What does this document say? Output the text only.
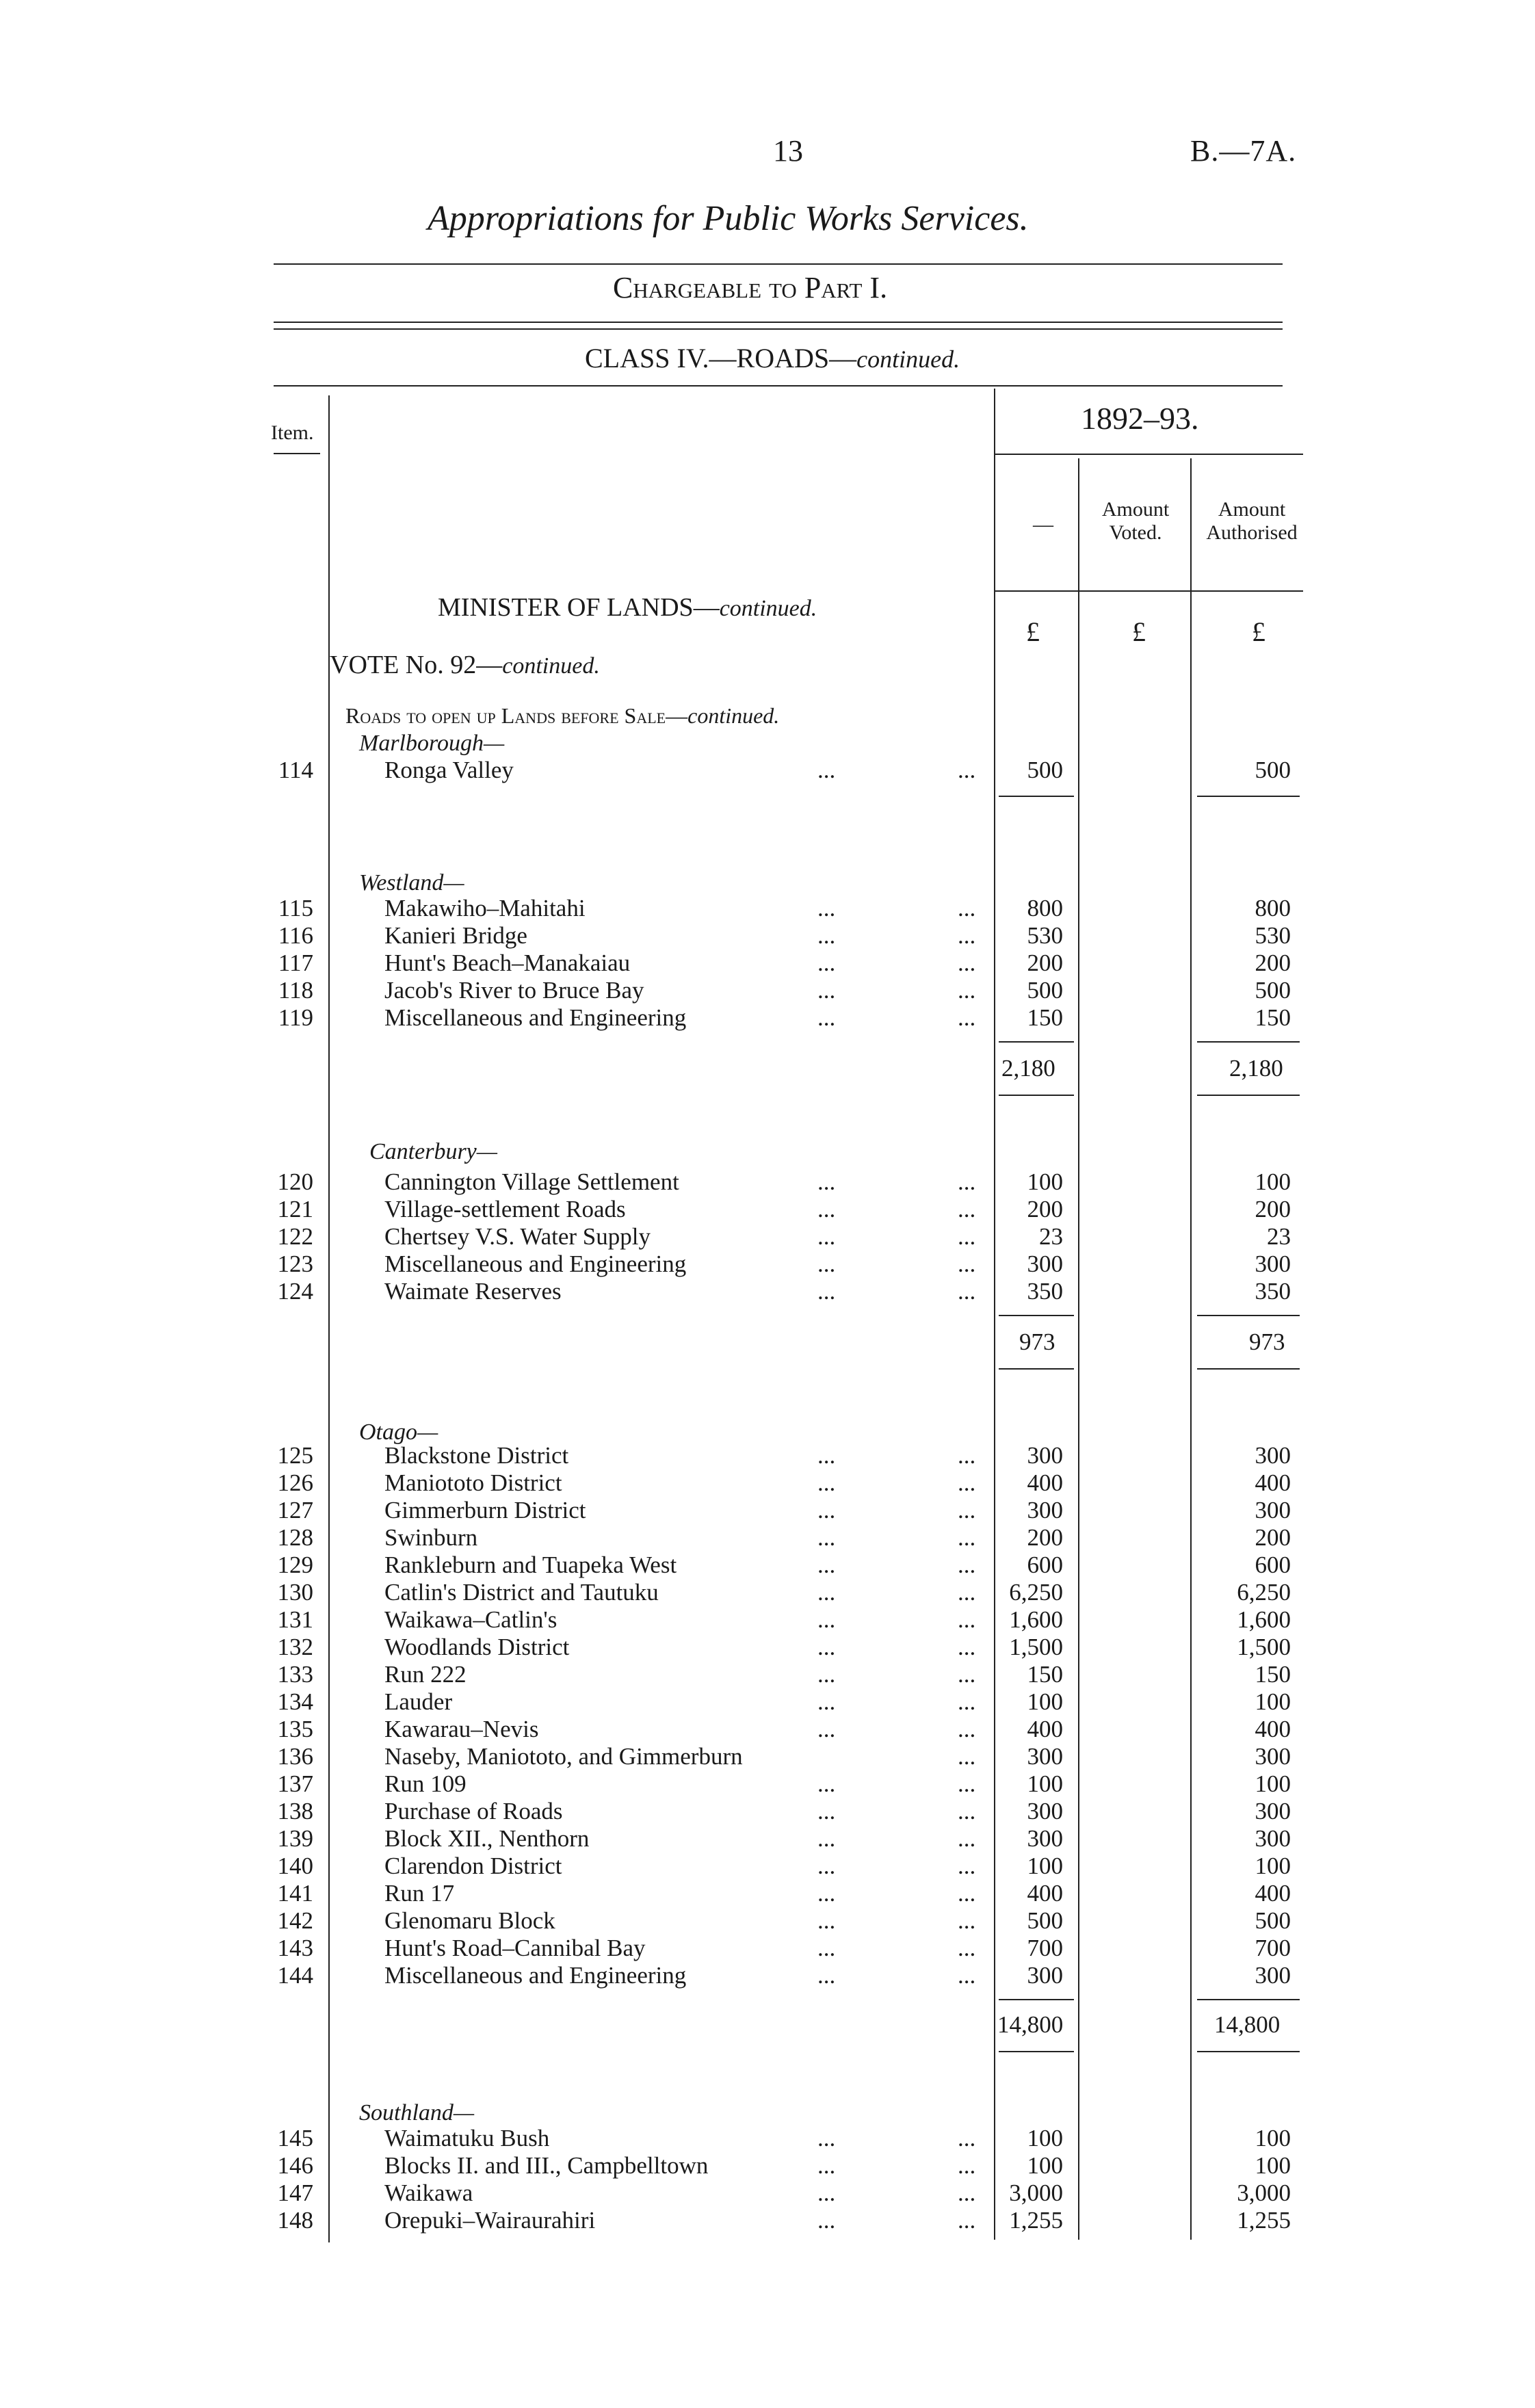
13	B.—7A.
Appropriations for Public Works Services.
Chargeable to Part I.
CLASS IV.—ROADS—continued.
Item.	1892–93.
—
Amount
Voted.
Amount
Authorised
MINISTER OF LANDS—continued.
VOTE No. 92—continued.
£	£	£
Roads to open up Lands before Sale—continued.
Marlborough—
Westland—
Canterbury—
Otago—
Southland—
114	Ronga Valley	...	... 500	500
115	Makawiho–Mahitahi	...	... 800	800
116	Kanieri Bridge	...	... 530	530
117	Hunt's Beach–Manakaiau	...	... 200	200
118	Jacob's River to Bruce Bay	...	... 500	500
119	Miscellaneous and Engineering	...	... 150	150
2,180	2,180
120	Cannington Village Settlement	...	... 100	100
121	Village-settlement Roads	...	... 200	200
122	Chertsey V.S. Water Supply	...	...	23	23
123	Miscellaneous and Engineering	...	... 300	300
124	Waimate Reserves	...	... 350	350
973	973
125	Blackstone District	...	... 300	300
126	Maniototo District	...	... 400	400
127	Gimmerburn District	...	... 300	300
128	Swinburn	...	... 200	200
129	Rankleburn and Tuapeka West	...	... 600	600
130	Catlin's District and Tautuku	...	... 6,250	6,250
131	Waikawa–Catlin's	...	... 1,600	1,600
132	Woodlands District	...	... 1,500	1,500
133	Run 222	...	... 150	150
134	Lauder	...	... 100	100
135	Kawarau–Nevis	...	... 400	400
136	Naseby, Maniototo, and Gimmerburn	... 300	300
137	Run 109	...	... 100	100
138	Purchase of Roads	...	... 300	300
139	Block XII., Nenthorn	...	... 300	300
140	Clarendon District	...	... 100	100
141	Run 17	...	... 400	400
142	Glenomaru Block	...	... 500	500
143	Hunt's Road–Cannibal Bay	...	... 700	700
144	Miscellaneous and Engineering	...	... 300	300
14,800	14,800
145	Waimatuku Bush	...	... 100	100
146	Blocks II. and III., Campbelltown	...	... 100	100
147	Waikawa	...	... 3,000	3,000
148	Orepuki–Wairaurahiri	...	... 1,255	1,255
